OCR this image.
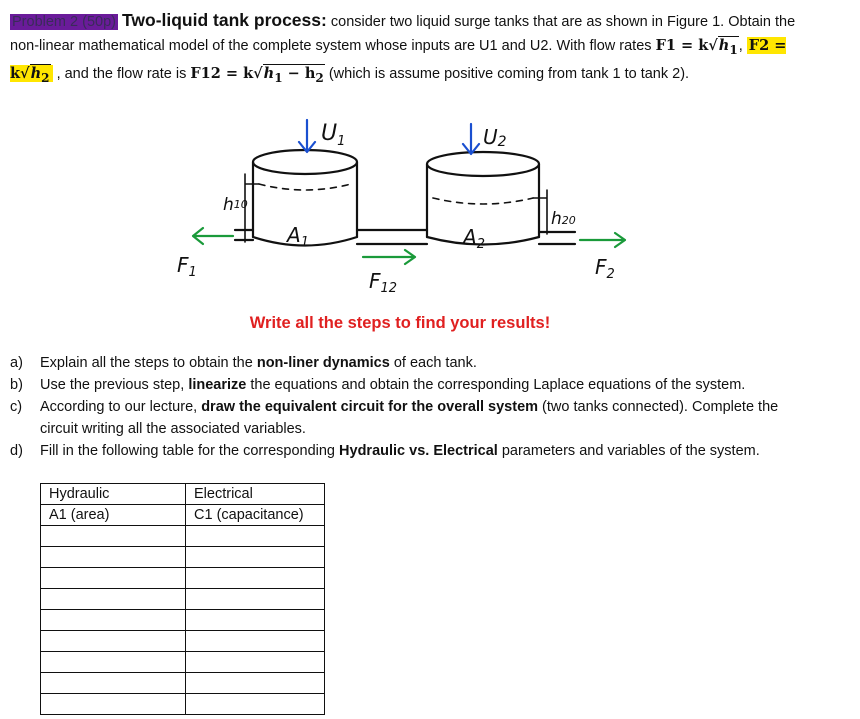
Problem 2 (50p) Two-liquid tank process: consider two liquid surge tanks that are as shown in Figure 1. Obtain the non-linear mathematical model of the complete system whose inputs are U1 and U2. With flow rates $F1 = k√h_1$, $F2 = k√h_2$ , and the flow rate is $F12 = k√h_1 - h_2$ (which is assume positive coming from tank 1 to tank 2).
$U_1$	U2
h10
h20
$A_1$	$A_2$
$F_1$	$F_{12}$
$F_2$
Write all the steps to find your results!
a)	Explain all the steps to obtain the non-liner dynamics of each tank.
b)	Use the previous step, linearize the equations and obtain the corresponding Laplace equations of the system.
c)	According to our lecture, draw the equivalent circuit for the overall system (two tanks connected). Complete the circuit writing all the associated variables.
d)	Fill in the following table for the corresponding Hydraulic vs. Electrical parameters and variables of the system.
Hydraulic	Electrical
A1 (area)	C1 (capacitance)
